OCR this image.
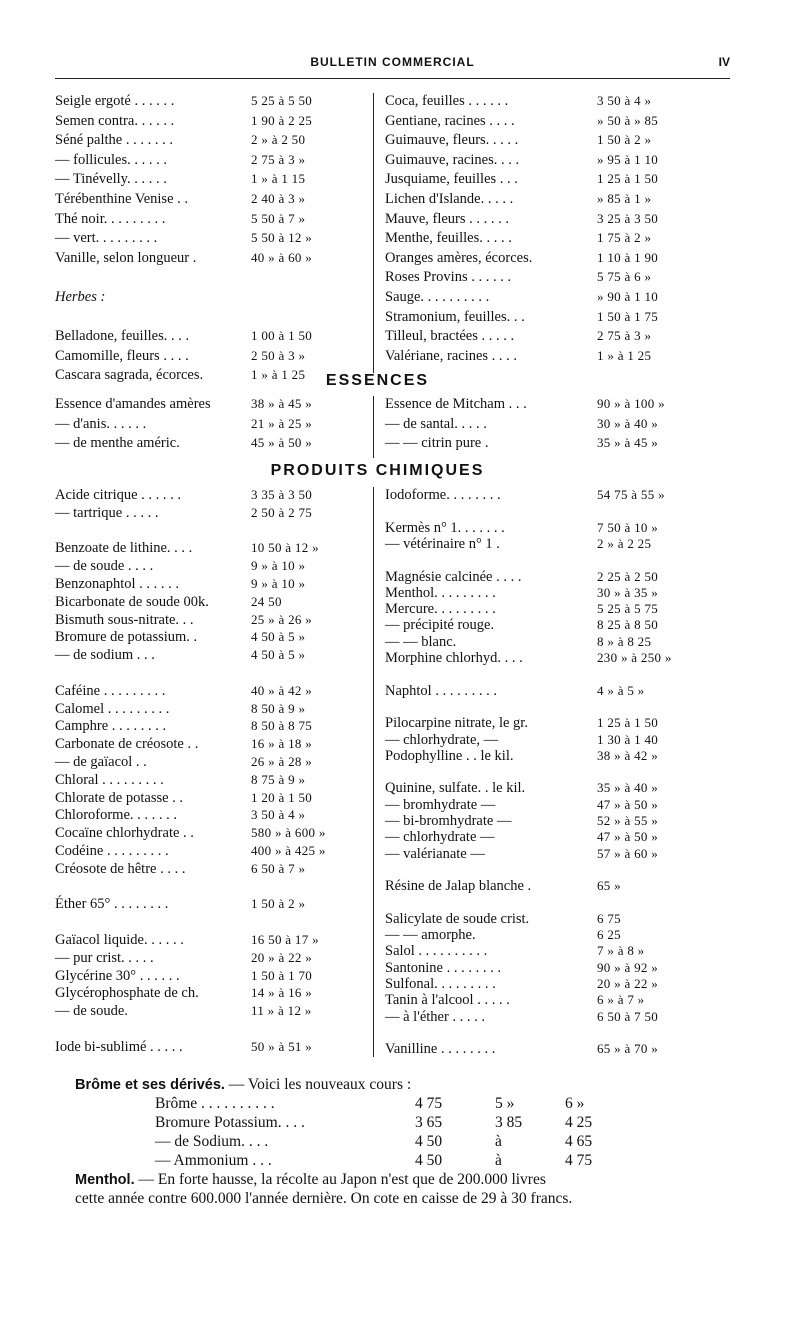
BULLETIN COMMERCIAL	IV
Seigle ergoté . . . . . .	5 25 à 5 50
Semen contra. . . . . .	1 90 à 2 25
Séné palthe . . . . . . .	2 » à 2 50
— follicules. . . . . .	2 75 à 3 »
— Tinévelly. . . . . .	1 » à 1 15
Térébenthine Venise . .	2 40 à 3 »
Thé noir. . . . . . . . .	5 50 à 7 »
— vert. . . . . . . . .	5 50 à 12 »
Vanille, selon longueur .	40 » à 60 »
Herbes :
Belladone, feuilles. . . .	1 00 à 1 50
Camomille, fleurs . . . .	2 50 à 3 »
Cascara sagrada, écorces.	1 » à 1 25
Coca, feuilles . . . . . .	3 50 à 4 »
Gentiane, racines . . . .	» 50 à » 85
Guimauve, fleurs. . . . .	1 50 à 2 »
Guimauve, racines. . . .	» 95 à 1 10
Jusquiame, feuilles . . .	1 25 à 1 50
Lichen d'Islande. . . . .	» 85 à 1 »
Mauve, fleurs . . . . . .	3 25 à 3 50
Menthe, feuilles. . . . .	1 75 à 2 »
Oranges amères, écorces.	1 10 à 1 90
Roses Provins . . . . . .	5 75 à 6 »
Sauge. . . . . . . . . .	» 90 à 1 10
Stramonium, feuilles. . .	1 50 à 1 75
Tilleul, bractées . . . . .	2 75 à 3 »
Valériane, racines . . . .	1 » à 1 25
ESSENCES
Essence d'amandes amères	38 » à 45 »
— d'anis. . . . . .	21 » à 25 »
— de menthe améric.	45 » à 50 »
Essence de Mitcham . . .	90 » à 100 »
— de santal. . . . .	30 » à 40 »
— — citrin pure .	35 » à 45 »
PRODUITS CHIMIQUES
Acide citrique . . . . . .	3 35 à 3 50
— tartrique . . . . .	2 50 à 2 75
Benzoate de lithine. . . .	10 50 à 12 »
— de soude . . . .	9 » à 10 »
Benzonaphtol . . . . . .	9 » à 10 »
Bicarbonate de soude 00k.	24 50
Bismuth sous-nitrate. . .	25 » à 26 »
Bromure de potassium. .	4 50 à 5 »
— de sodium . . .	4 50 à 5 »
Caféine . . . . . . . . .	40 » à 42 »
Calomel . . . . . . . . .	8 50 à 9 »
Camphre . . . . . . . .	8 50 à 8 75
Carbonate de créosote . .	16 » à 18 »
— de gaïacol . .	26 » à 28 »
Chloral . . . . . . . . .	8 75 à 9 »
Chlorate de potasse . .	1 20 à 1 50
Chloroforme. . . . . . .	3 50 à 4 »
Cocaïne chlorhydrate . .	580 » à 600 »
Codéine . . . . . . . . .	400 » à 425 »
Créosote de hêtre . . . .	6 50 à 7 »
Éther 65° . . . . . . . .	1 50 à 2 »
Gaïacol liquide. . . . . .	16 50 à 17 »
— pur crist. . . . .	20 » à 22 »
Glycérine 30° . . . . . .	1 50 à 1 70
Glycérophosphate de ch.	14 » à 16 »
— de soude.	11 » à 12 »
Iode bi-sublimé . . . . .	50 » à 51 »
Iodoforme. . . . . . . .	54 75 à 55 »
Kermès n° 1. . . . . . .	7 50 à 10 »
— vétérinaire n° 1 .	2 » à 2 25
Magnésie calcinée . . . .	2 25 à 2 50
Menthol. . . . . . . . .	30 » à 35 »
Mercure. . . . . . . . .	5 25 à 5 75
— précipité rouge.	8 25 à 8 50
— — blanc.	8 » à 8 25
Morphine chlorhyd. . . .	230 » à 250 »
Naphtol . . . . . . . . .	4 » à 5 »
Pilocarpine nitrate, le gr.	1 25 à 1 50
— chlorhydrate, —	1 30 à 1 40
Podophylline . . le kil.	38 » à 42 »
Quinine, sulfate. . le kil.	35 » à 40 »
— bromhydrate —	47 » à 50 »
— bi-bromhydrate —	52 » à 55 »
— chlorhydrate —	47 » à 50 »
— valérianate —	57 » à 60 »
Résine de Jalap blanche .	65 »
Salicylate de soude crist.	6 75
— — amorphe.	6 25
Salol . . . . . . . . . .	7 » à 8 »
Santonine . . . . . . . .	90 » à 92 »
Sulfonal. . . . . . . . .	20 » à 22 »
Tanin à l'alcool . . . . .	6 » à 7 »
— à l'éther . . . . .	6 50 à 7 50
Vanilline . . . . . . . .	65 » à 70 »
Brôme et ses dérivés. — Voici les nouveaux cours :
Brôme . . . . . . . . . .	4 75	5 »	6 »
Bromure Potassium. . . .	3 65	3 85	4 25
— de Sodium. . . .	4 50	à	4 65
— Ammonium . . .	4 50	à	4 75
Menthol. — En forte hausse, la récolte au Japon n'est que de 200.000 livres
cette année contre 600.000 l'année dernière. On cote en caisse de 29 à 30 francs.
